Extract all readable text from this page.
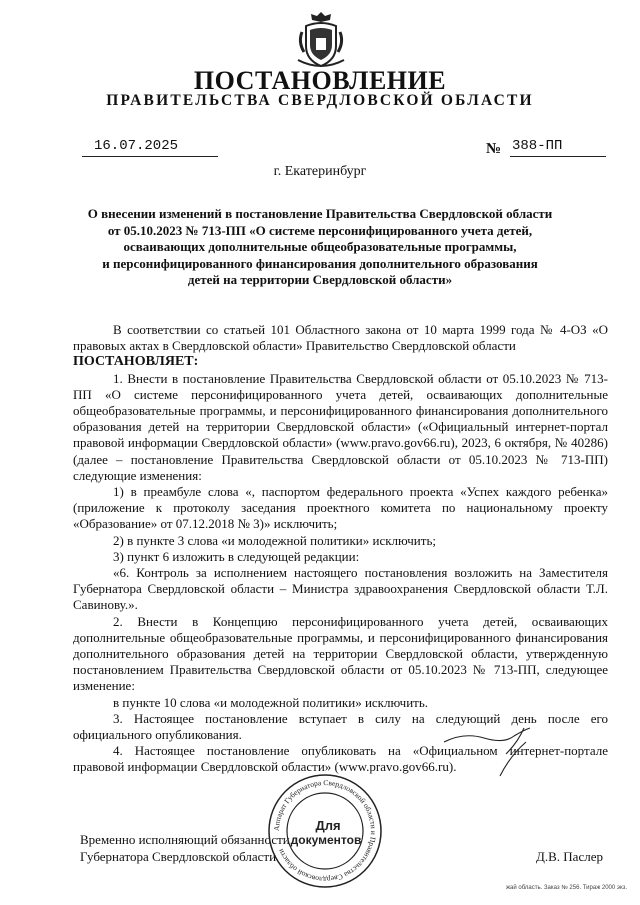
ПОСТАНОВЛЕНИЕ
ПРАВИТЕЛЬСТВА СВЕРДЛОВСКОЙ ОБЛАСТИ
16.07.2025	№ 388-ПП
г. Екатеринбург
О внесении изменений в постановление Правительства Свердловской области
от 05.10.2023 № 713-ПП «О системе персонифицированного учета детей,
осваивающих дополнительные общеобразовательные программы,
и персонифицированного финансирования дополнительного образования
детей на территории Свердловской области»

В соответствии со статьей 101 Областного закона от 10 марта 1999 года № 4-ОЗ «О правовых актах в Свердловской области» Правительство Свердловской области

ПОСТАНОВЛЯЕТ:

1. Внести в постановление Правительства Свердловской области от 05.10.2023 № 713-ПП «О системе персонифицированного учета детей, осваивающих дополнительные общеобразовательные программы, и персонифицированного финансирования дополнительного образования детей на территории Свердловской области» («Официальный интернет-портал правовой информации Свердловской области» (www.pravo.gov66.ru), 2023, 6 октября, № 40286) (далее – постановление Правительства Свердловской области от 05.10.2023 № 713-ПП) следующие изменения:

1) в преамбуле слова «, паспортом федерального проекта «Успех каждого ребенка» (приложение к протоколу заседания проектного комитета по национальному проекту «Образование» от 07.12.2018 № 3)» исключить;

2) в пункте 3 слова «и молодежной политики» исключить;

3) пункт 6 изложить в следующей редакции:

«6. Контроль за исполнением настоящего постановления возложить на Заместителя Губернатора Свердловской области – Министра здравоохранения Свердловской области Т.Л. Савинову.».

2. Внести в Концепцию персонифицированного учета детей, осваивающих дополнительные общеобразовательные программы, и персонифицированного финансирования дополнительного образования детей на территории Свердловской области, утвержденную постановлением Правительства Свердловской области от 05.10.2023 № 713-ПП, следующее изменение:

в пункте 10 слова «и молодежной политики» исключить.

3. Настоящее постановление вступает в силу на следующий день после его официального опубликования.

4. Настоящее постановление опубликовать на «Официальном интернет-портале правовой информации Свердловской области» (www.pravo.gov66.ru).

Временно исполняющий обязанности
Губернатора Свердловской области	Д.В. Паслер
Аппарат Губернатора Свердловской области и Правительства Свердловской области
Для
документов
жай область. Заказ № 256. Тираж 2000 экз.
